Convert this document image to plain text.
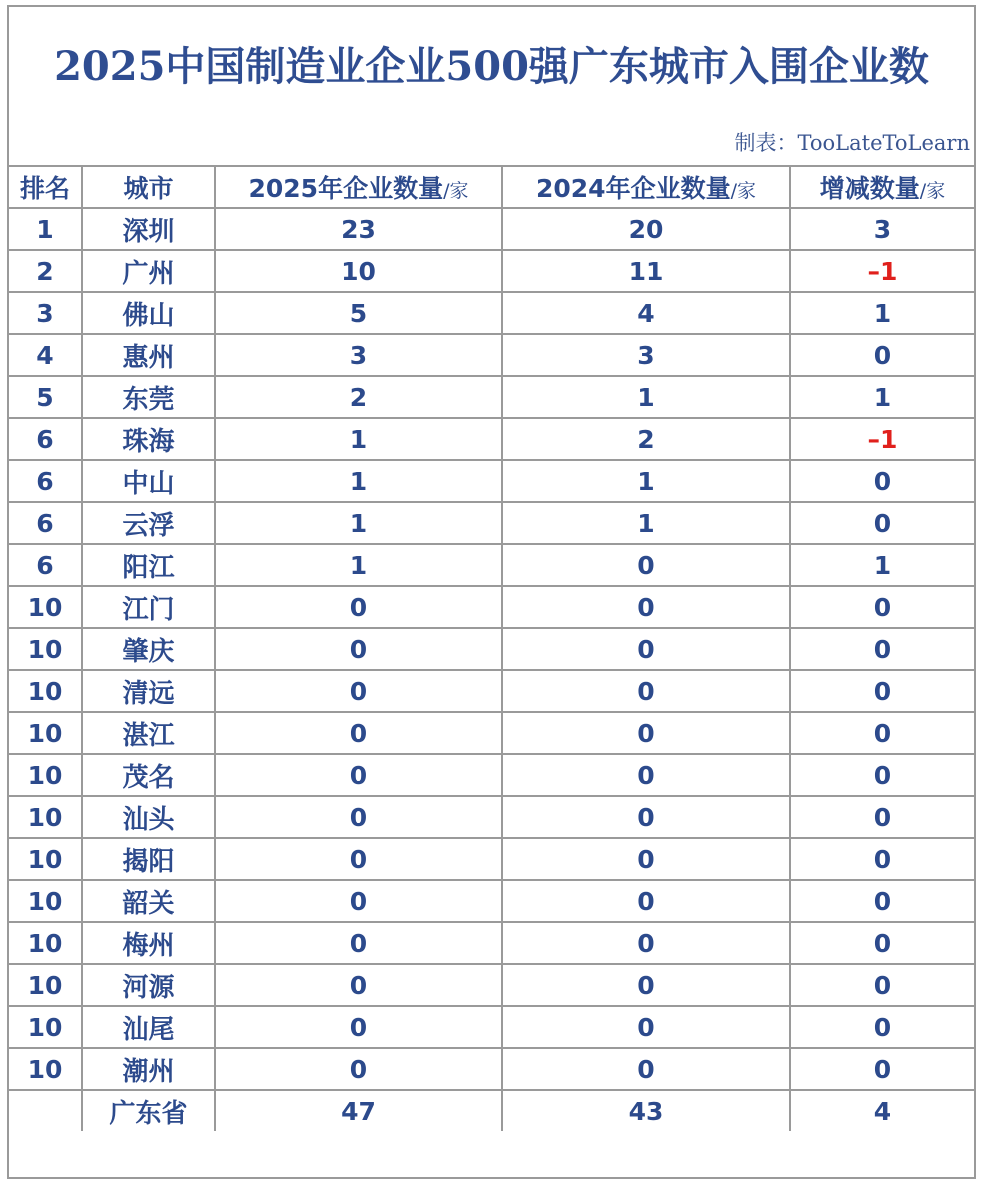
2025中国制造业企业500强广东城市入围企业数
制表：TooLateToLearn
排名	城市	2025年企业数量/家	2024年企业数量/家	增减数量/家
1	深圳	23	20	3
2	广州	10	11	–1
3	佛山	5	4	1
4	惠州	3	3	0
5	东莞	2	1	1
6	珠海	1	2	–1
6	中山	1	1	0
6	云浮	1	1	0
6	阳江	1	0	1
10	江门	0	0	0
10	肇庆	0	0	0
10	清远	0	0	0
10	湛江	0	0	0
10	茂名	0	0	0
10	汕头	0	0	0
10	揭阳	0	0	0
10	韶关	0	0	0
10	梅州	0	0	0
10	河源	0	0	0
10	汕尾	0	0	0
10	潮州	0	0	0
	广东省	47	43	4
